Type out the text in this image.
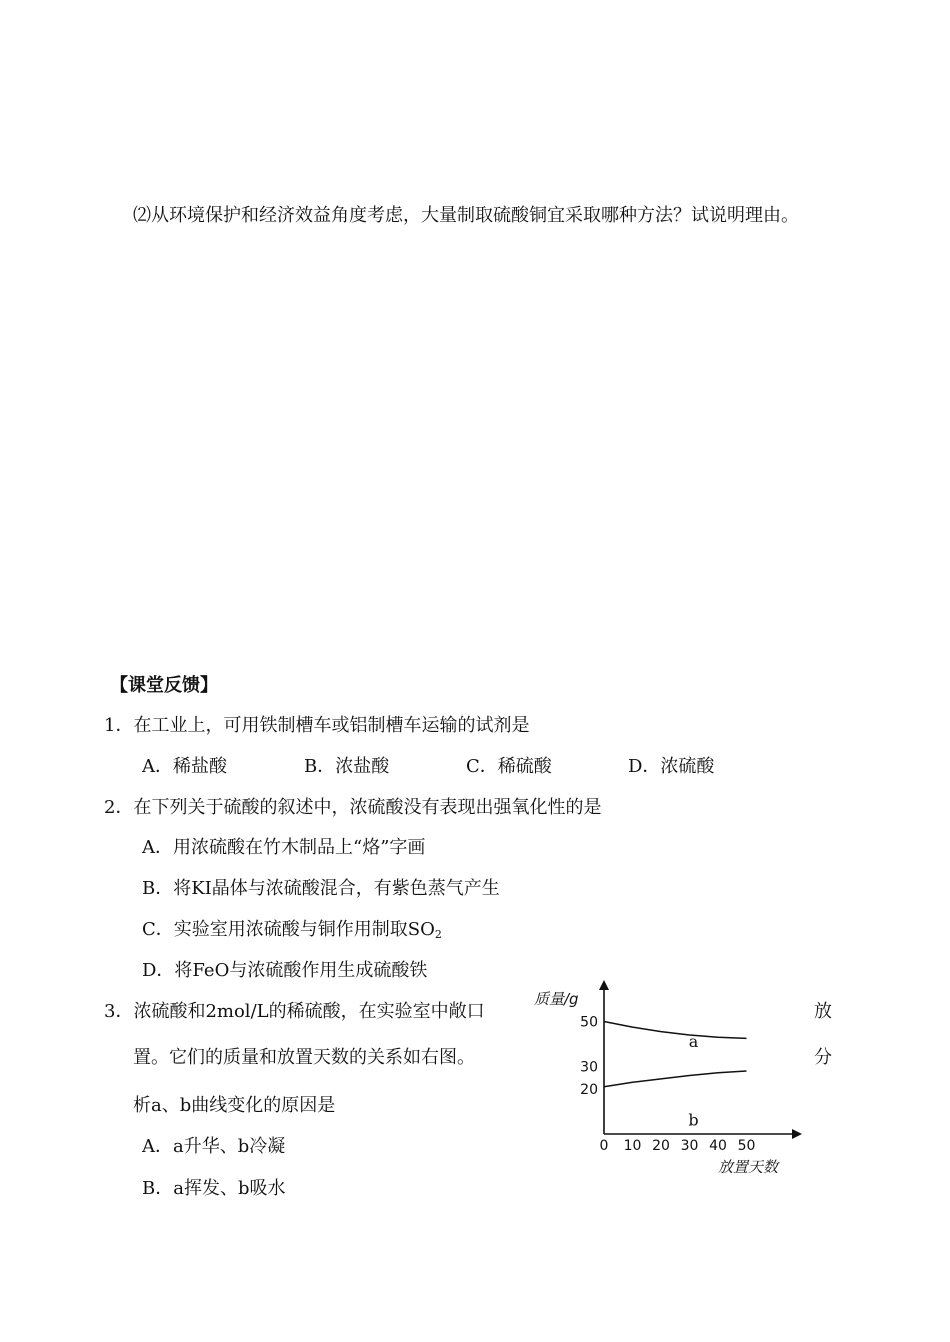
⑵从环境保护和经济效益角度考虑，大量制取硫酸铜宜采取哪种方法？试说明理由。
【课堂反馈】
1．在工业上，可用铁制槽车或铝制槽车运输的试剂是
A．稀盐酸	B．浓盐酸	C．稀硫酸	D．浓硫酸
2．在下列关于硫酸的叙述中，浓硫酸没有表现出强氧化性的是
A．用浓硫酸在竹木制品上“烙”字画
B．将KI晶体与浓硫酸混合，有紫色蒸气产生
C．实验室用浓硫酸与铜作用制取$SO_2$
D．将FeO与浓硫酸作用生成硫酸铁
3．浓硫酸和2mol/L的稀硫酸，在实验室中敞口	放
置。它们的质量和放置天数的关系如右图。	分
析a、b曲线变化的原因是
A．a升华、b冷凝
B．a挥发、b吸水
质量/g
放置天数
0 10 20 30 40 50
20
30
50
a
b
